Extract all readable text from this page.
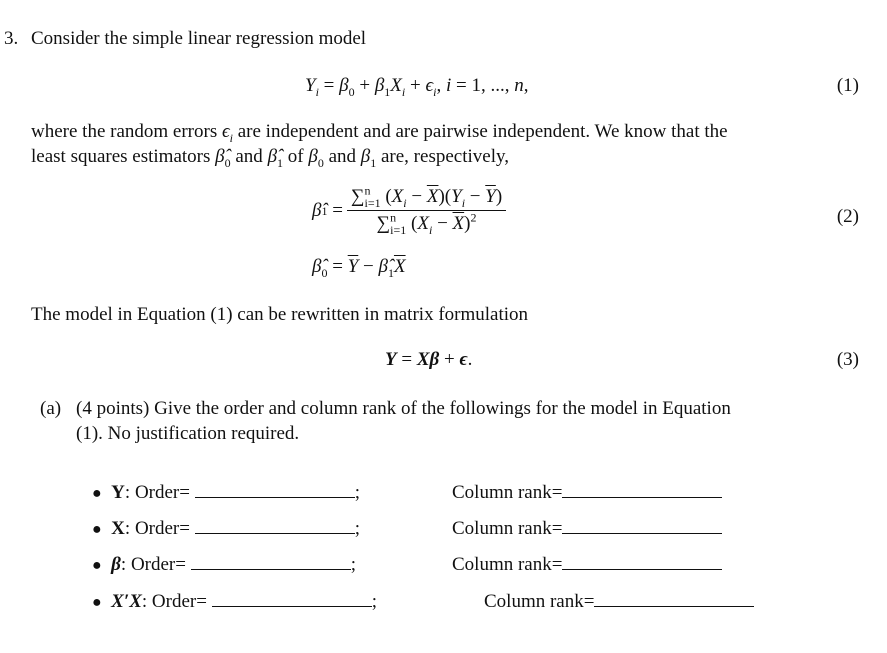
3. Consider the simple linear regression model
$Y_i = \beta_0 + \beta_1X_i + \epsilon_i$, i = 1, ..., n,	(1)
where the random errors $\epsilon_i$ are independent and are pairwise independent. We know that the
least squares estimators $\betâ_0$ and $\betâ_1$ of $\beta_0$ and $\beta_1$ are, respectively,
β̂ $1 = \frac{\sum^n_{i=1} (X_i - \overline{X})(Y_i - \overline{Y})}{\sum^n_{i=1} (X_i - \overline{X})^2}$	(2)
$\betâ_0 = \overline{Y}$ − $\betâ_1\overline{X}$
The model in Equation (1) can be rewritten in matrix formulation
Y = Xβ + ϵ.	(3)
(a) (4 points) Give the order and column rank of the followings for the model in Equation
(1). No justification required.
● Y: Order=	;	Column rank=
● X: Order=	;	Column rank=
● β: Order=	;	Column rank=
● X′X: Order=	;	Column rank=
